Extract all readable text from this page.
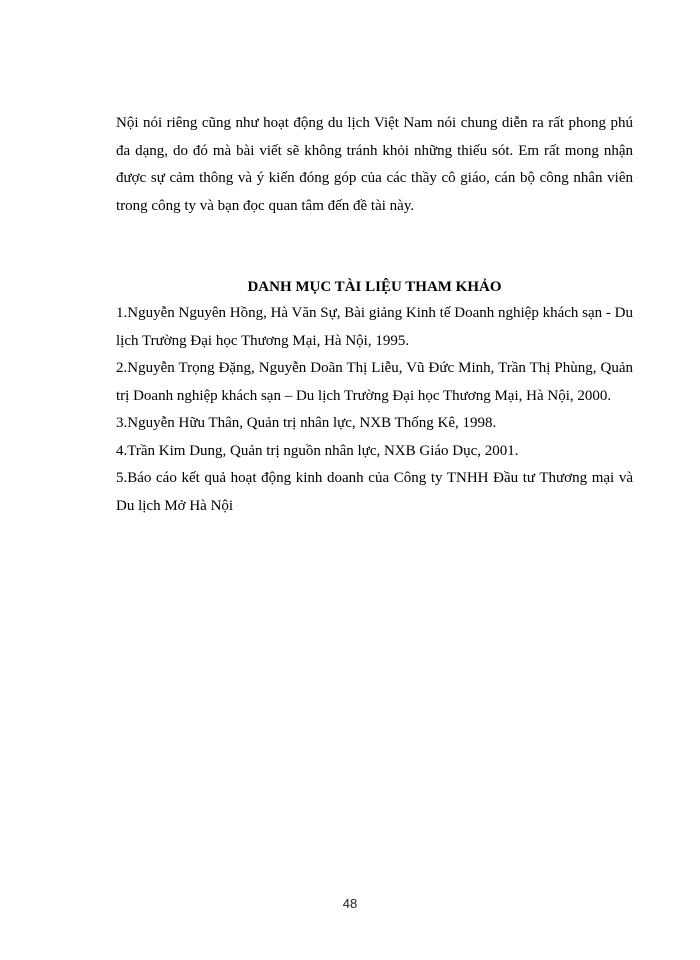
Nội nói riêng cũng như hoạt động du lịch Việt Nam nói chung diễn ra rất phong phú đa dạng, do đó mà bài viết sẽ không tránh khỏi những thiếu sót. Em rất mong nhận được sự cảm thông và ý kiến đóng góp của các thầy cô giáo, cán bộ công nhân viên trong công ty và bạn đọc quan tâm đến đề tài này.

DANH MỤC TÀI LIỆU THAM KHẢO
1.Nguyễn Nguyên Hồng, Hà Văn Sự, Bài giảng Kinh tế Doanh nghiệp khách sạn - Du lịch Trường Đại học Thương Mại, Hà Nội, 1995.
2.Nguyễn Trọng Đặng, Nguyễn Doãn Thị Liễu, Vũ Đức Minh, Trần Thị Phùng, Quản trị Doanh nghiệp khách sạn – Du lịch Trường Đại học Thương Mại, Hà Nội, 2000.
3.Nguyễn Hữu Thân, Quản trị nhân lực, NXB Thống Kê, 1998.
4.Trần Kim Dung, Quản trị nguồn nhân lực, NXB Giáo Dục, 2001.
5.Báo cáo kết quả hoạt động kinh doanh của Công ty TNHH Đầu tư Thương mại và Du lịch Mở Hà Nội
48
